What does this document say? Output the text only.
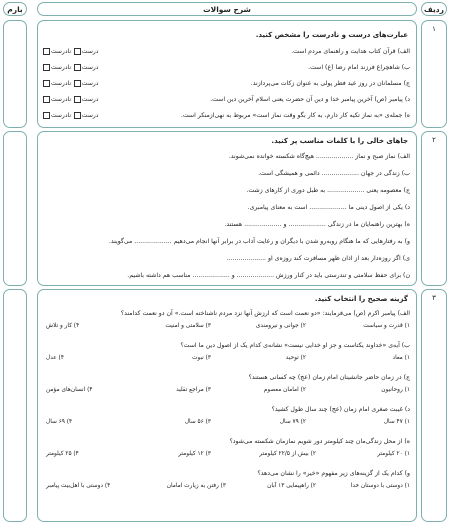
ردیف
شرح سوالات
بارم
۱
عبارت‌های درست و نادرست را مشخص کنید.
الف) قرآن کتاب هدایت و راهنمای مردم است.
درست نادرست
ب) شاهچراغ فرزند امام رضا (ع) است.
درست نادرست
ج) مسلمانان در روز عید فطر پولی به عنوان زکات می‌پردازند.
درست نادرست
د) پیامبر (ص) آخرین پیامبر خدا و دین آن حضرت یعنی اسلام آخرین دین است.
درست نادرست
ه) جمله‌ی «به نماز تکیه کار دارم، به کار بگو وقت نماز است» مربوط به نهی‌ازمنکر است.
درست نادرست
۲
جاهای خالی را با کلمات مناسب پر کنید.
الف) نماز صبح و نماز ................... هیچ‌گاه شکسته خوانده نمی‌شوند.
ب) زندگی در جهان ................... دائمی و همیشگی است.
ج) معصومه یعنی ................... به طبل دوری از کارهای زشت.
د) یکی از اصول دینی ما ................... است به معنای پیامبری.
ه) بهترین راهنمایان ما در زندگی ................... و ................... هستند.
و) به رفتارهایی که ما هنگام روبه‌رو شدن با دیگران و رعایت آداب در برابر آنها انجام می‌دهیم ................... می‌گویند.
ی) اگر روزه‌دار بعد از اذان ظهر مسافرت کند روزه‌ی او ....................
ن) برای حفظ سلامتی و تندرستی باید در کنار ورزش ................... و ................... مناسب هم داشته باشیم.
۳
گزینه صحیح را انتخاب کنید.
الف) پیامبر اکرم (ص) می‌فرمایند: «دو نعمت است که ارزش آنها نزد مردم ناشناخته است.» آن دو نعمت کدامند؟
۱) قدرت و سیاست
۲) جوانی و نیرومندی
۳) سلامتی و امنیت
۴) کار و تلاش
ب) آیه‌ی «خداوند یکتاست و جز او خدایی نیست» نشانه‌ی کدام یک از اصول دین ما است؟
۱) معاد
۲) توحید
۳) نبوت
۴) عدل
ج) در زمان حاضر جانشینان امام زمان (عج) چه کسانی هستند؟
۱) روحانیون
۲) امامان معصوم
۳) مراجع تقلید
۴) انسان‌های مؤمن
د) غیبت صغری امام زمان (عج) چند سال طول کشید؟
۱) ۴۷ سال
۲) ۷۹ سال
۳) ۵۶ سال
۴) ۶۹ سال
ه) از محل زندگی‌مان چند کیلومتر دور شویم نمازمان شکسته می‌شود؟
۱) ۲۰ کیلومتر
۲) بیش از ۲۲/۵ کیلومتر
۳) ۱۲ کیلومتر
۴) ۲۵ کیلومتر
و) کدام یک از گزینه‌های زیر مفهوم «خیر» را نشان می‌دهد؟
۱) دوستی با دوستان خدا
۲) راهپیمایی ۱۳ آبان
۳) رفتن به زیارت امامان
۴) دوستی با اهل‌بیت پیامبر
